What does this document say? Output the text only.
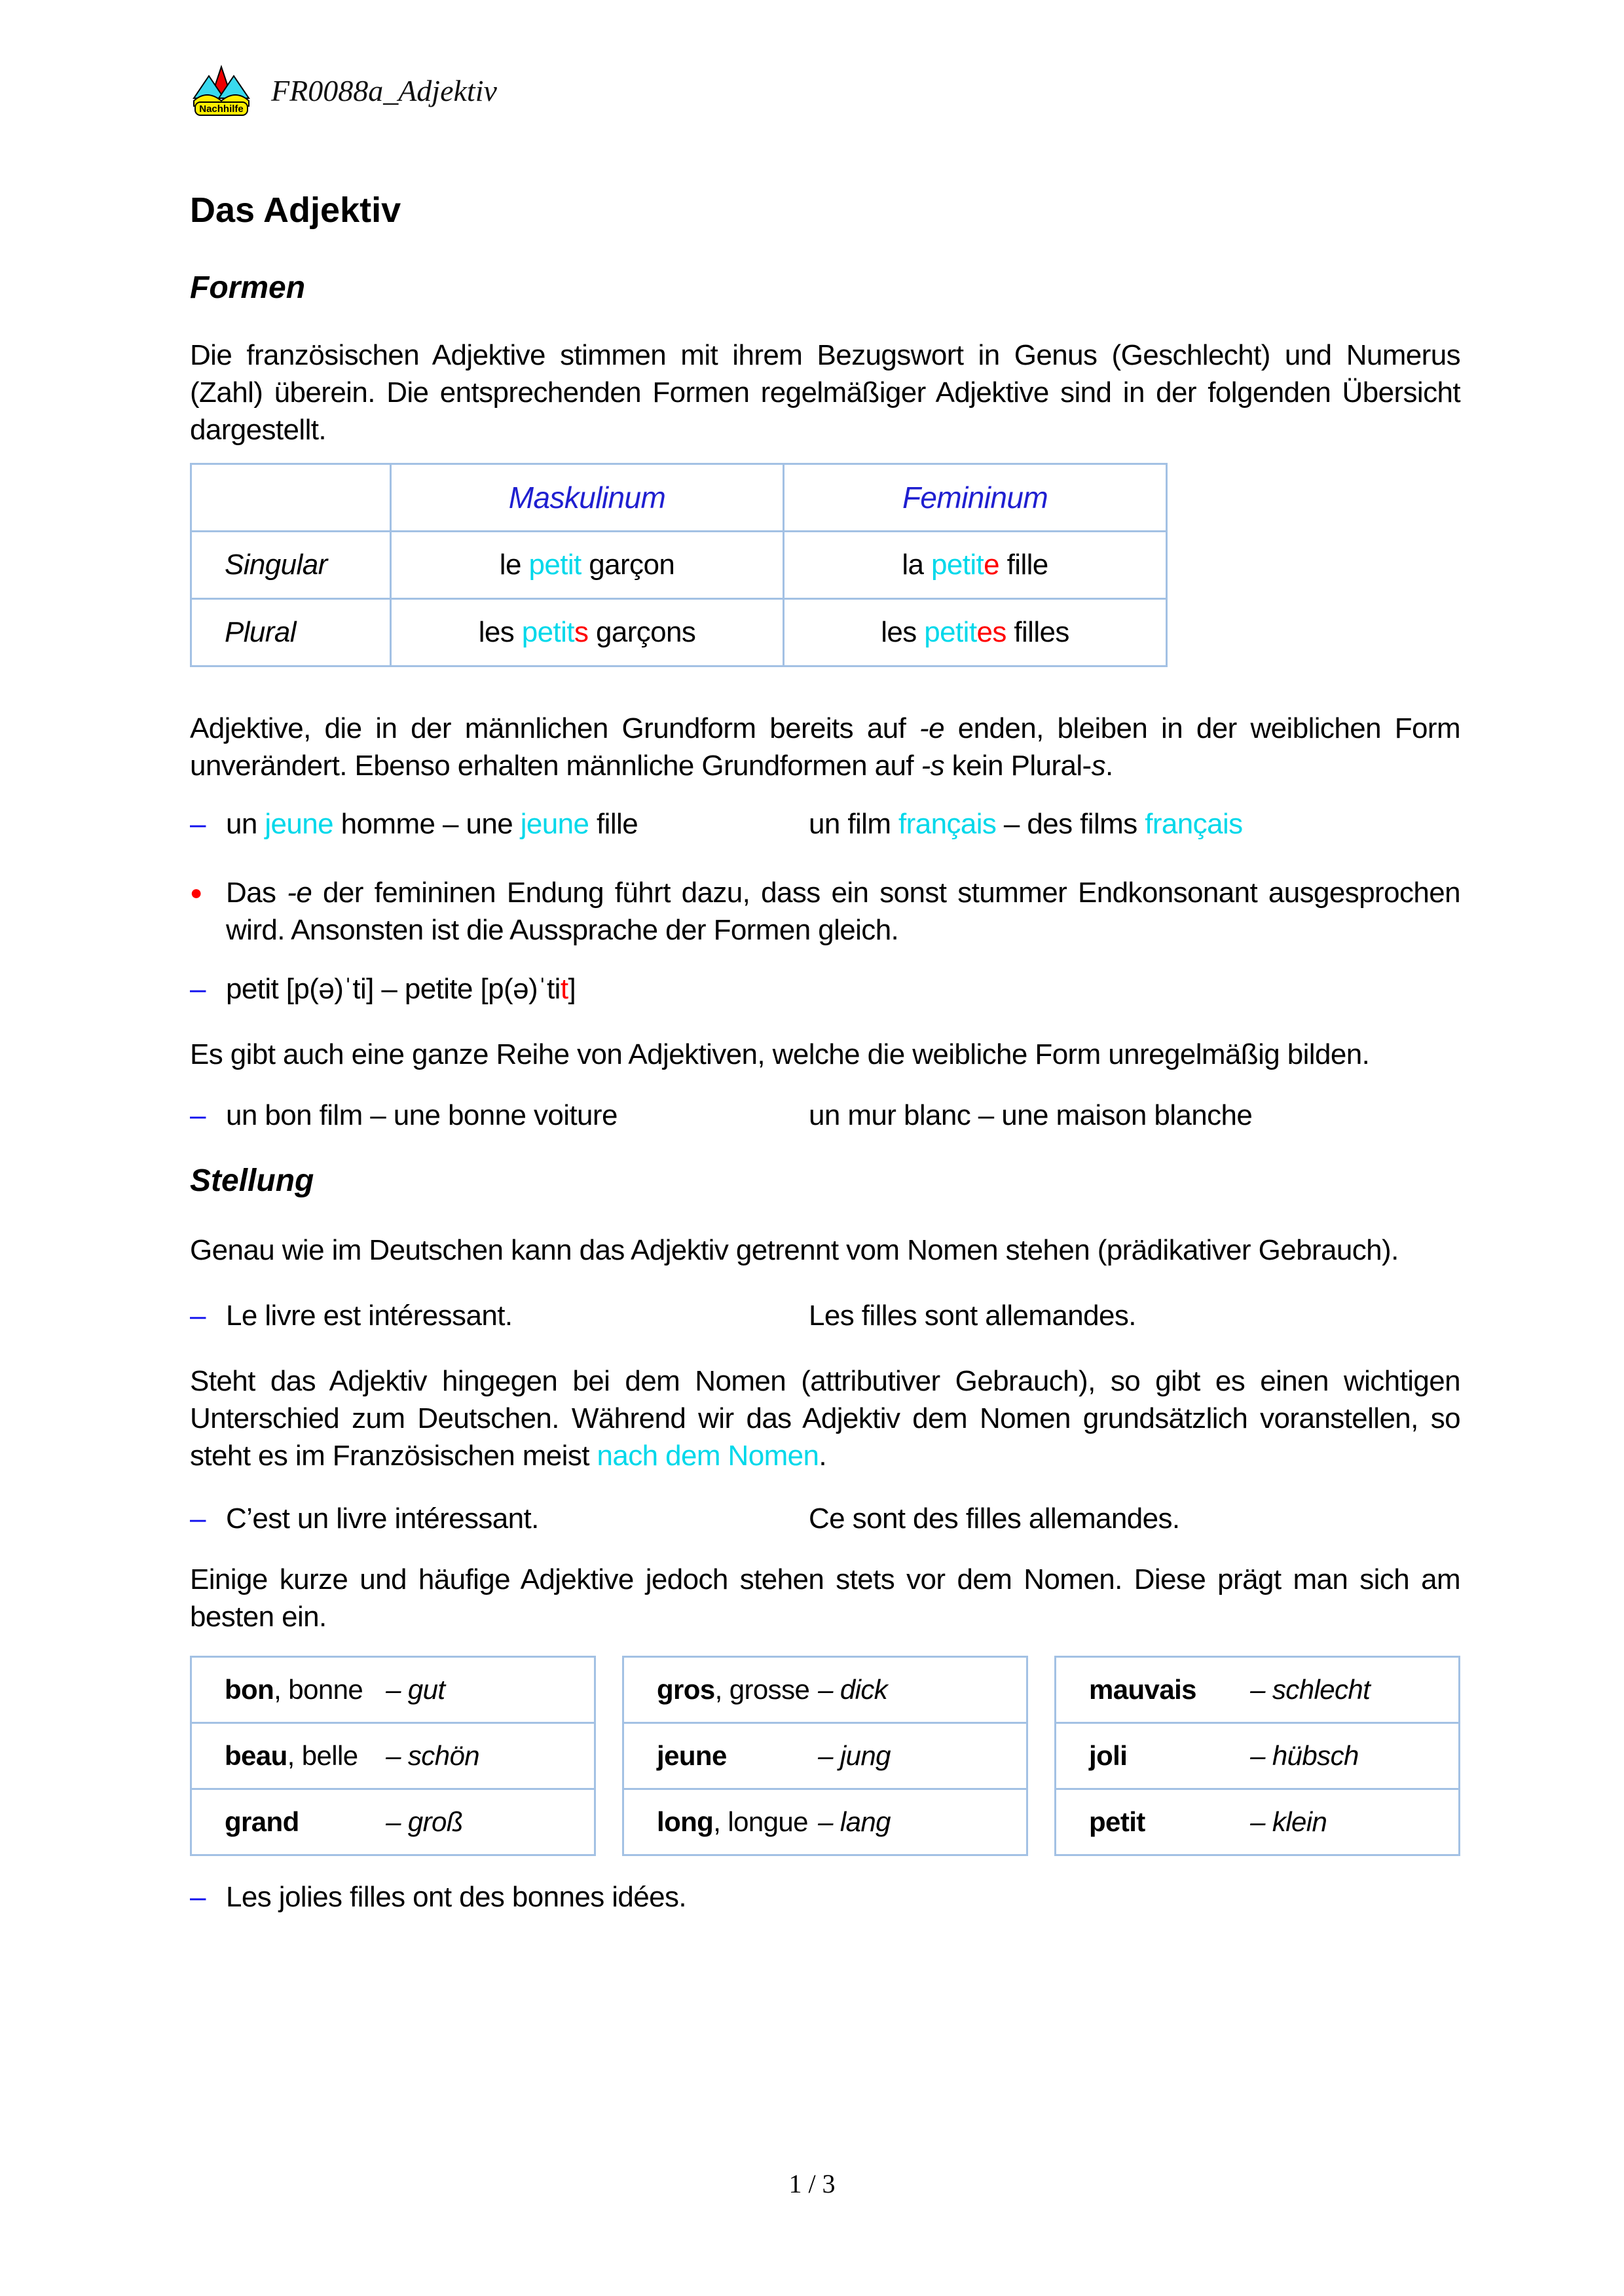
Nachhilfe
FR0088a_Adjektiv
Das Adjektiv
Formen

Die französischen Adjektive stimmen mit ihrem Bezugswort in Genus (Geschlecht) und Numerus (Zahl) überein. Die entsprechenden Formen regelmäßiger Adjektive sind in der folgenden Übersicht dargestellt.

	Maskulinum	Femininum
Singular	le petit garçon	la petite fille
Plural	les petits garçons	les petites filles

Adjektive, die in der männlichen Grundform bereits auf -e enden, bleiben in der weiblichen Form unverändert. Ebenso erhalten männliche Grundformen auf -s kein Plural-s.

– un jeune homme – une jeune fille	un film français – des films français
● Das -e der femininen Endung führt dazu, dass ein sonst stummer Endkonsonant ausgesprochen wird. Ansonsten ist die Aussprache der Formen gleich.
– petit [p(ə)ˈti] – petite [p(ə)ˈtit]

Es gibt auch eine ganze Reihe von Adjektiven, welche die weibliche Form unregelmäßig bilden.

– un bon film – une bonne voiture	un mur blanc – une maison blanche
Stellung

Genau wie im Deutschen kann das Adjektiv getrennt vom Nomen stehen (prädikativer Gebrauch).

– Le livre est intéressant.	Les filles sont allemandes.

Steht das Adjektiv hingegen bei dem Nomen (attributiver Gebrauch), so gibt es einen wichtigen Unterschied zum Deutschen. Während wir das Adjektiv dem Nomen grundsätzlich voranstellen, so steht es im Französischen meist nach dem Nomen.

– C’est un livre intéressant.	Ce sont des filles allemandes.

Einige kurze und häufige Adjektive jedoch stehen stets vor dem Nomen. Diese prägt man sich am besten ein.

bon, bonne – gut
beau, belle – schön
grand	– groß
gros, grosse – dick
jeune	– jung
long, longue – lang
mauvais – schlecht
joli	– hübsch
petit	– klein
– Les jolies filles ont des bonnes idées.
1 / 3
